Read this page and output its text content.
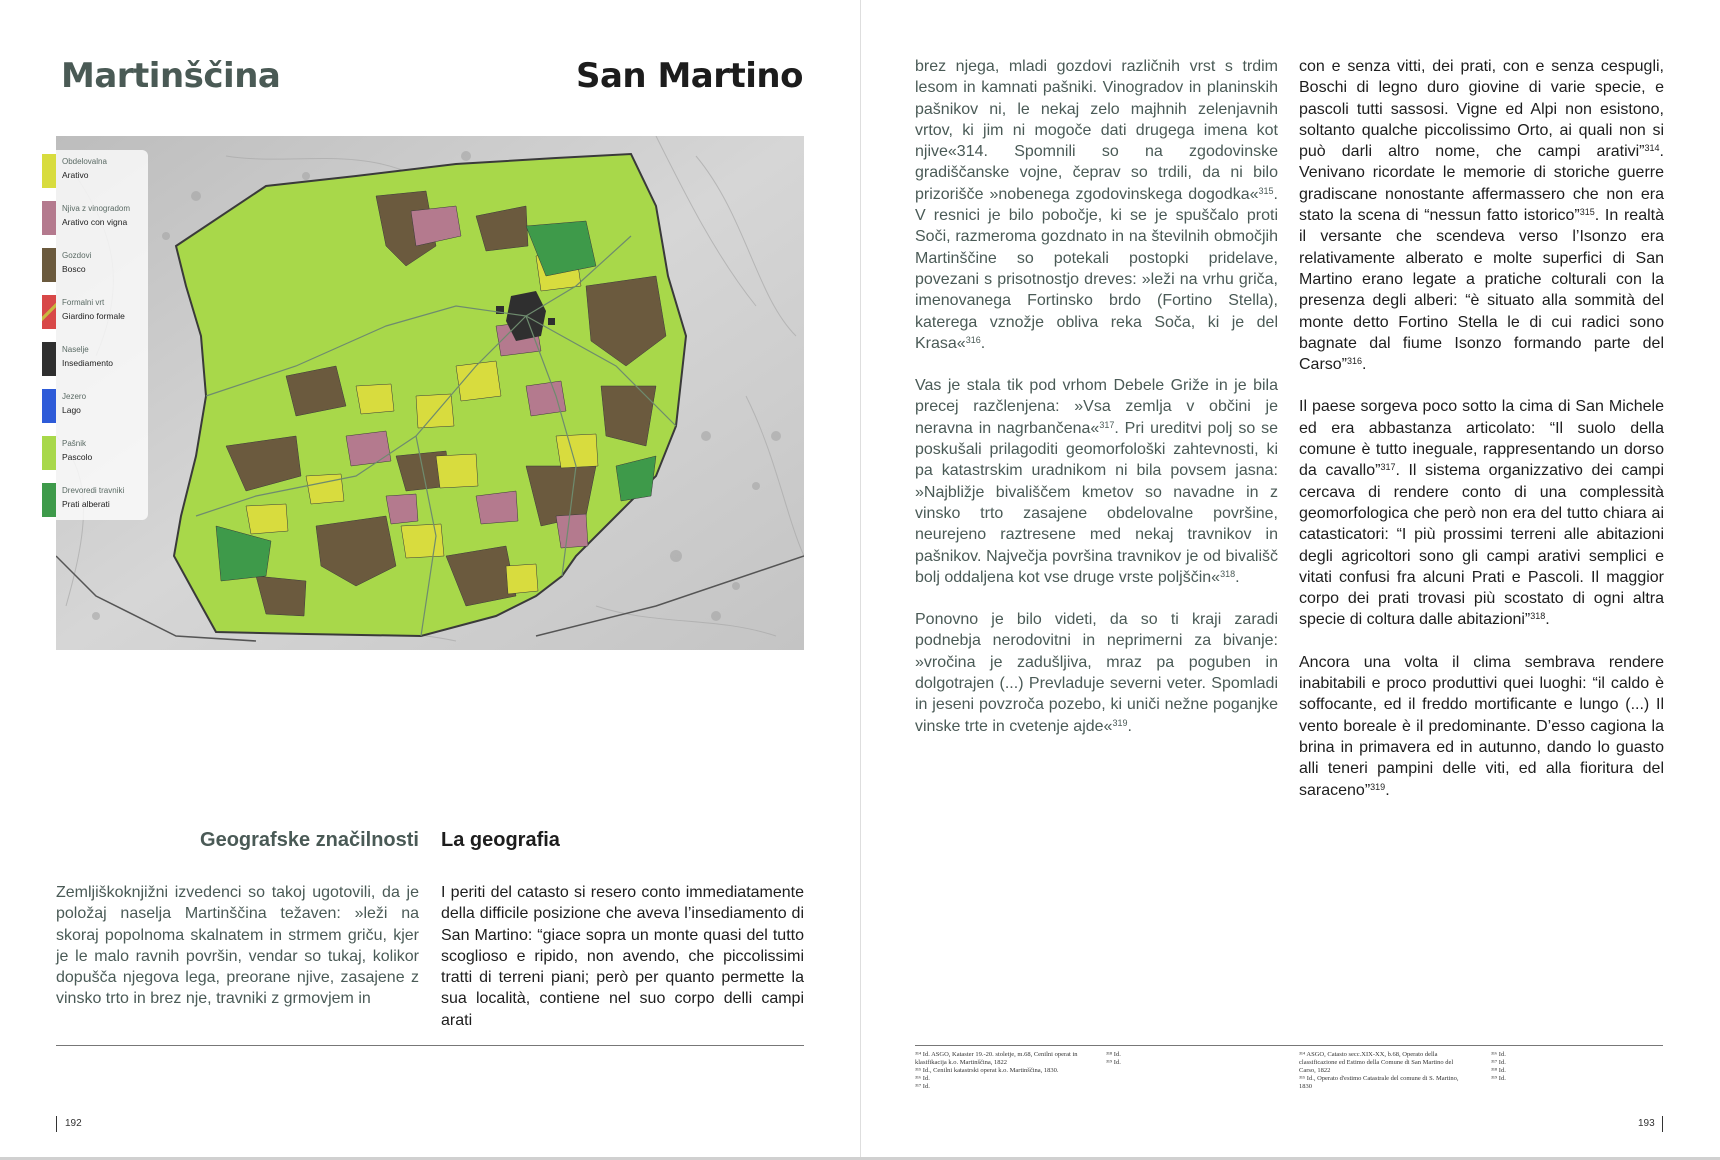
Martinščina	San Martino
Obdelovalna
Arativo
Njiva z vinogradom
Arativo con vigna
Gozdovi
Bosco
Formalni vrt
Giardino formale
Naselje
Insediamento
Jezero
Lago
Pašnik
Pascolo
Drevoredi travniki
Prati alberati
Geografske značilnosti La geografia

Zemljiškoknjižni izvedenci so takoj ugotovili, da je položaj naselja Martinščina težaven: »leži na skoraj popolnoma skalnatem in strmem griču, kjer je le malo ravnih površin, vendar so tukaj, kolikor dopušča njegova lega, preorane njive, zasajene z vinsko trto in brez nje, travniki z grmovjem in

I periti del catasto si resero conto immediatamente della difficile posizione che aveva l’insediamento di San Martino: “giace sopra un monte quasi del tutto scoglioso e ripido, non avendo, che piccolissimi tratti di terreni piani; però per quanto permette la sua località, contiene nel suo corpo delli campi arati

192

brez njega, mladi gozdovi različnih vrst s trdim lesom in kamnati pašniki. Vinogradov in planinskih pašnikov ni, le nekaj zelo majhnih zelenjavnih vrtov, ki jim ni mogoče dati drugega imena kot njive«314. Spomnili so na zgodovinske gradiščanske vojne, čeprav so trdili, da ni bilo prizorišče »nobenega zgodovinskega dogodka«$^{315}$. V resnici je bilo pobočje, ki se je spuščalo proti Soči, razmeroma gozdnato in na številnih območjih Martinščine so potekali postopki pridelave, povezani s prisotnostjo dreves: »leži na vrhu griča, imenovanega Fortinsko brdo (Fortino Stella), katerega vznožje obliva reka Soča, ki je del Krasa«$^{316}$.

Vas je stala tik pod vrhom Debele Griže in je bila precej razčlenjena: »Vsa zemlja v občini je neravna in nagrbančena«$^{317}$. Pri ureditvi polj so se poskušali prilagoditi geomorfološki zahtevnosti, ki pa katastrskim uradnikom ni bila povsem jasna: »Najbližje bivališčem kmetov so navadne in z vinsko trto zasajene obdelovalne površine, neurejeno raztresene med nekaj travnikov in pašnikov. Največja površina travnikov je od bivališč bolj oddaljena kot vse druge vrste poljščin«$^{318}$.

Ponovno je bilo videti, da so ti kraji zaradi podnebja nerodovitni in neprimerni za bivanje: »vročina je zadušljiva, mraz pa poguben in dolgotrajen (...) Prevladuje severni veter. Spomladi in jeseni povzroča pozebo, ki uniči nežne poganjke vinske trte in cvetenje ajde«$^{319}$.

con e senza vitti, dei prati, con e senza cespugli, Boschi di legno duro giovine di varie specie, e pascoli tutti sassosi. Vigne ed Alpi non esistono, soltanto qualche piccolissimo Orto, ai quali non si può darli altro nome, che campi arativi”$^{314}$. Venivano ricordate le memorie di storiche guerre gradiscane nonostante affermassero che non era stato la scena di “nessun fatto istorico”$^{315}$. In realtà il versante che scendeva verso l’Isonzo era relativamente alberato e molte superfici di San Martino erano legate a pratiche colturali con la presenza degli alberi: “è situato alla sommità del monte detto Fortino Stella le di cui radici sono bagnate dal fiume Isonzo formando parte del Carso”$^{316}$.

Il paese sorgeva poco sotto la cima di San Michele ed era abbastanza articolato: “Il suolo della comune è tutto ineguale, rappresentando un dorso da cavallo”$^{317}$. Il sistema organizzativo dei campi cercava di rendere conto di una complessità geomorfologica che però non era del tutto chiara ai catasticatori: “I più prossimi terreni alle abitazioni degli agricoltori sono gli campi arativi semplici e vitati confusi fra alcuni Prati e Pascoli. Il maggior corpo dei prati trovasi più scostato di ogni altra specie di coltura dalle abitazioni”$^{318}$.

Ancora una volta il clima sembrava rendere inabitabili e proco produttivi quei luoghi: “il caldo è soffocante, ed il freddo mortificante e lungo (...) Il vento boreale è il predominante. D’esso cagiona la brina in primavera ed in autunno, dando lo guasto alli teneri pampini delle viti, ed alla fioritura del saraceno”$^{319}$.

³¹⁴ Id. ASGO, Kataster 19.-20. stoletje, m.68, Cenilni operat in klasifikacija k.o. Martinščina, 1822
³¹⁵ Id., Cenilni katastrski operat k.o. Martinščina, 1830.
³¹⁶ Id.
³¹⁷ Id.
³¹⁸ Id.
³¹⁹ Id.
³¹⁴ ASGO, Catasto secc.XIX-XX, b.68, Operato della classificazione ed Estimo della Comune di San Martino del Carso, 1822
³¹⁵ Id., Operato d'estimo Catastrale del comune di S. Martino, 1830
³¹⁶ Id.
³¹⁷ Id.
³¹⁸ Id.
³¹⁹ Id.
193
